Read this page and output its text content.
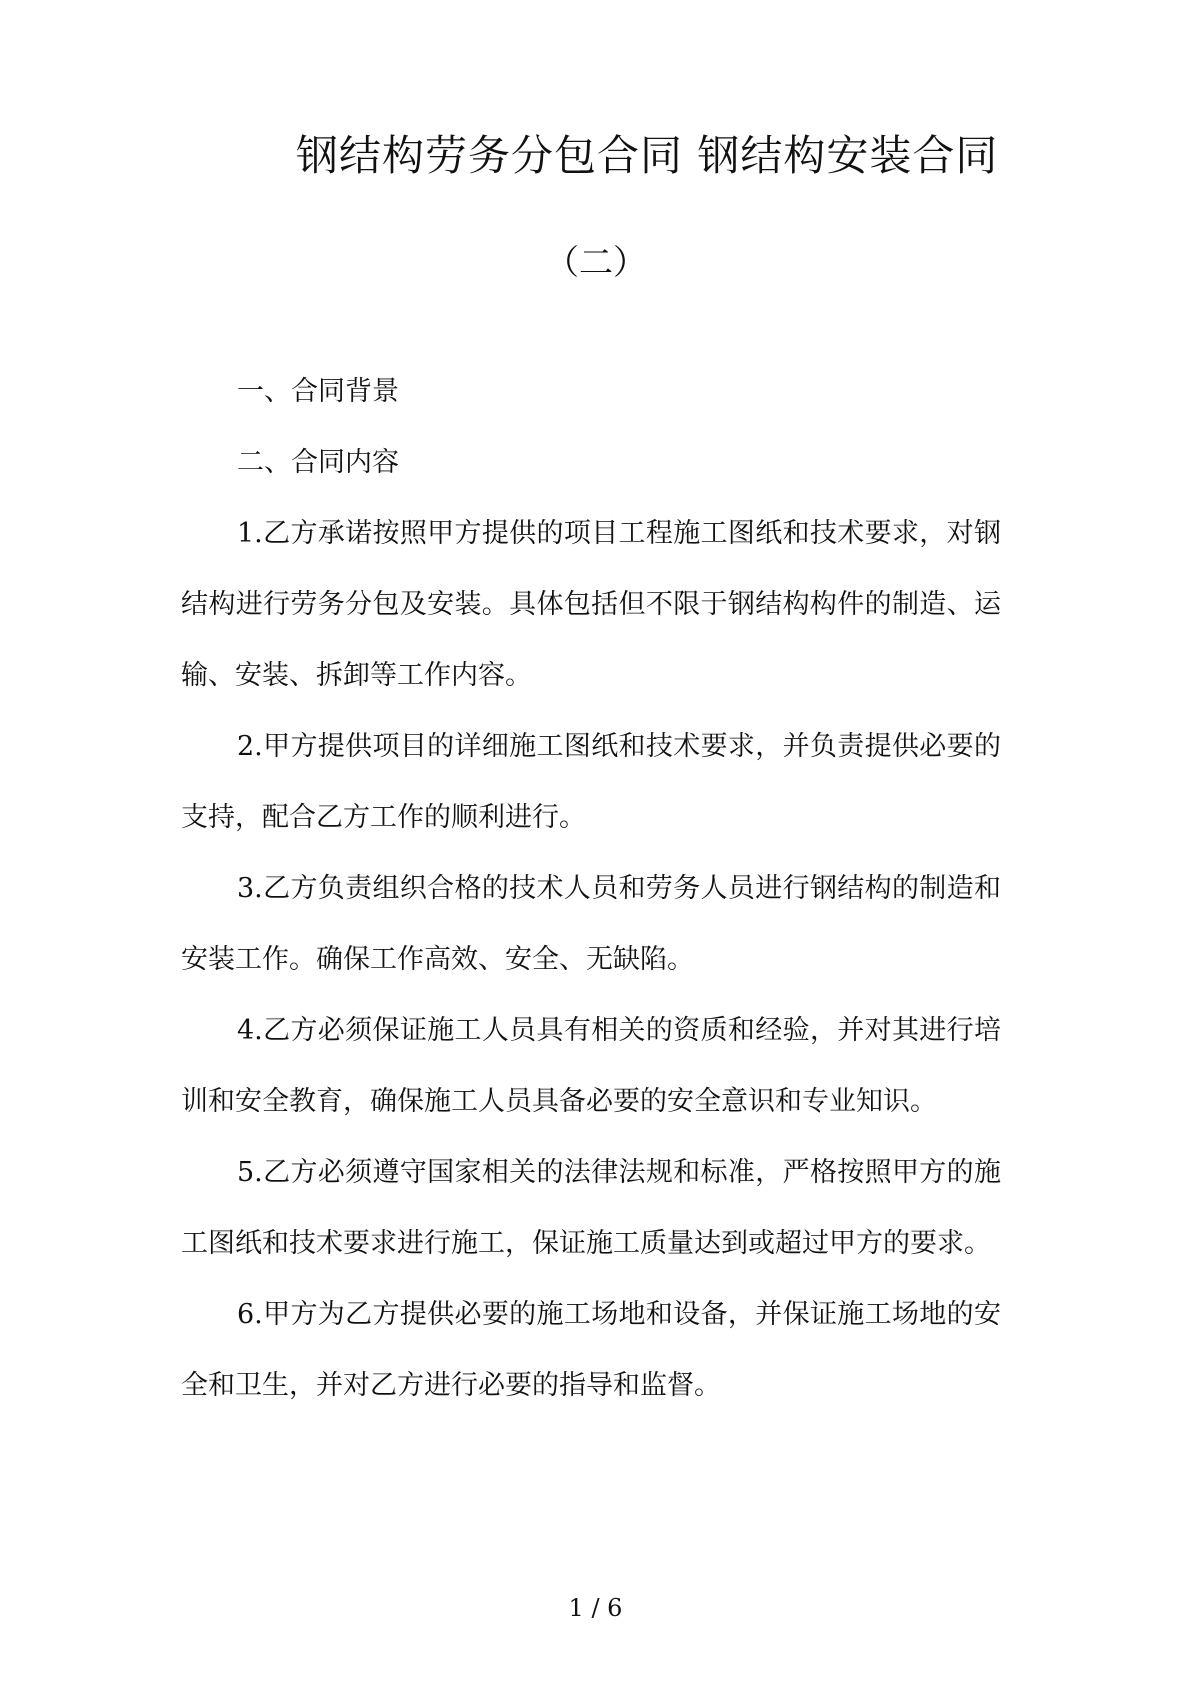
钢结构劳务分包合同 钢结构安装合同
（二）

一、合同背景

二、合同内容

1.乙方承诺按照甲方提供的项目工程施工图纸和技术要求，对钢结构进行劳务分包及安装。具体包括但不限于钢结构构件的制造、运输、安装、拆卸等工作内容。

2.甲方提供项目的详细施工图纸和技术要求，并负责提供必要的支持，配合乙方工作的顺利进行。

3.乙方负责组织合格的技术人员和劳务人员进行钢结构的制造和安装工作。确保工作高效、安全、无缺陷。

4.乙方必须保证施工人员具有相关的资质和经验，并对其进行培训和安全教育，确保施工人员具备必要的安全意识和专业知识。

5.乙方必须遵守国家相关的法律法规和标准，严格按照甲方的施工图纸和技术要求进行施工，保证施工质量达到或超过甲方的要求。

6.甲方为乙方提供必要的施工场地和设备，并保证施工场地的安全和卫生，并对乙方进行必要的指导和监督。

1 / 6
